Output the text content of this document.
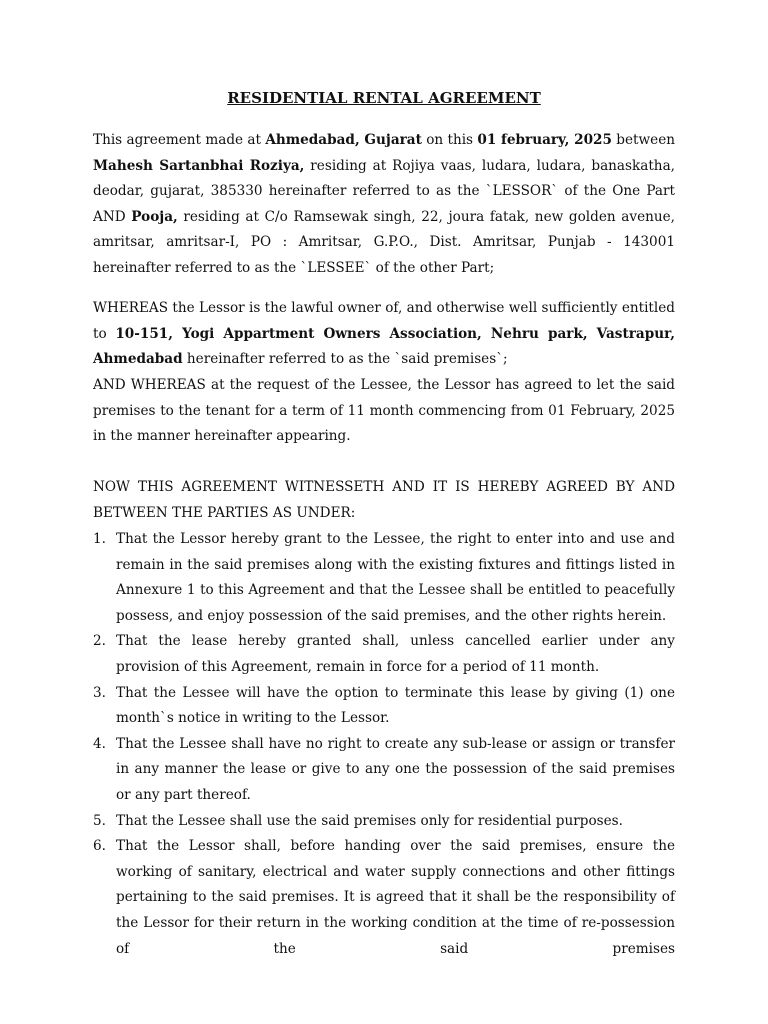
RESIDENTIAL RENTAL AGREEMENT

This agreement made at Ahmedabad, Gujarat on this 01 february, 2025 between Mahesh Sartanbhai Roziya, residing at Rojiya vaas, ludara, ludara, banaskatha, deodar, gujarat, 385330 hereinafter referred to as the `LESSOR` of the One Part AND Pooja, residing at C/o Ramsewak singh, 22, joura fatak, new golden avenue, amritsar, amritsar-I, PO : Amritsar, G.P.O., Dist. Amritsar, Punjab - 143001 hereinafter referred to as the `LESSEE` of the other Part;

WHEREAS the Lessor is the lawful owner of, and otherwise well sufficiently entitled to 10-151, Yogi Appartment Owners Association, Nehru park, Vastrapur, Ahmedabad hereinafter referred to as the `said premises`;

AND WHEREAS at the request of the Lessee, the Lessor has agreed to let the said premises to the tenant for a term of 11 month commencing from 01 February, 2025 in the manner hereinafter appearing.

NOW THIS AGREEMENT WITNESSETH AND IT IS HEREBY AGREED BY AND BETWEEN THE PARTIES AS UNDER:

1. That the Lessor hereby grant to the Lessee, the right to enter into and use and remain in the said premises along with the existing fixtures and fittings listed in Annexure 1 to this Agreement and that the Lessee shall be entitled to peacefully possess, and enjoy possession of the said premises, and the other rights herein.
2. That the lease hereby granted shall, unless cancelled earlier under any provision of this Agreement, remain in force for a period of 11 month.
3. That the Lessee will have the option to terminate this lease by giving (1) one month`s notice in writing to the Lessor.
4. That the Lessee shall have no right to create any sub-lease or assign or transfer in any manner the lease or give to any one the possession of the said premises or any part thereof.
5. That the Lessee shall use the said premises only for residential purposes.
6. That the Lessor shall, before handing over the said premises, ensure the working of sanitary, electrical and water supply connections and other fittings pertaining to the said premises. It is agreed that it shall be the responsibility of the Lessor for their return in the working condition at the time of re-possession of the said premises
